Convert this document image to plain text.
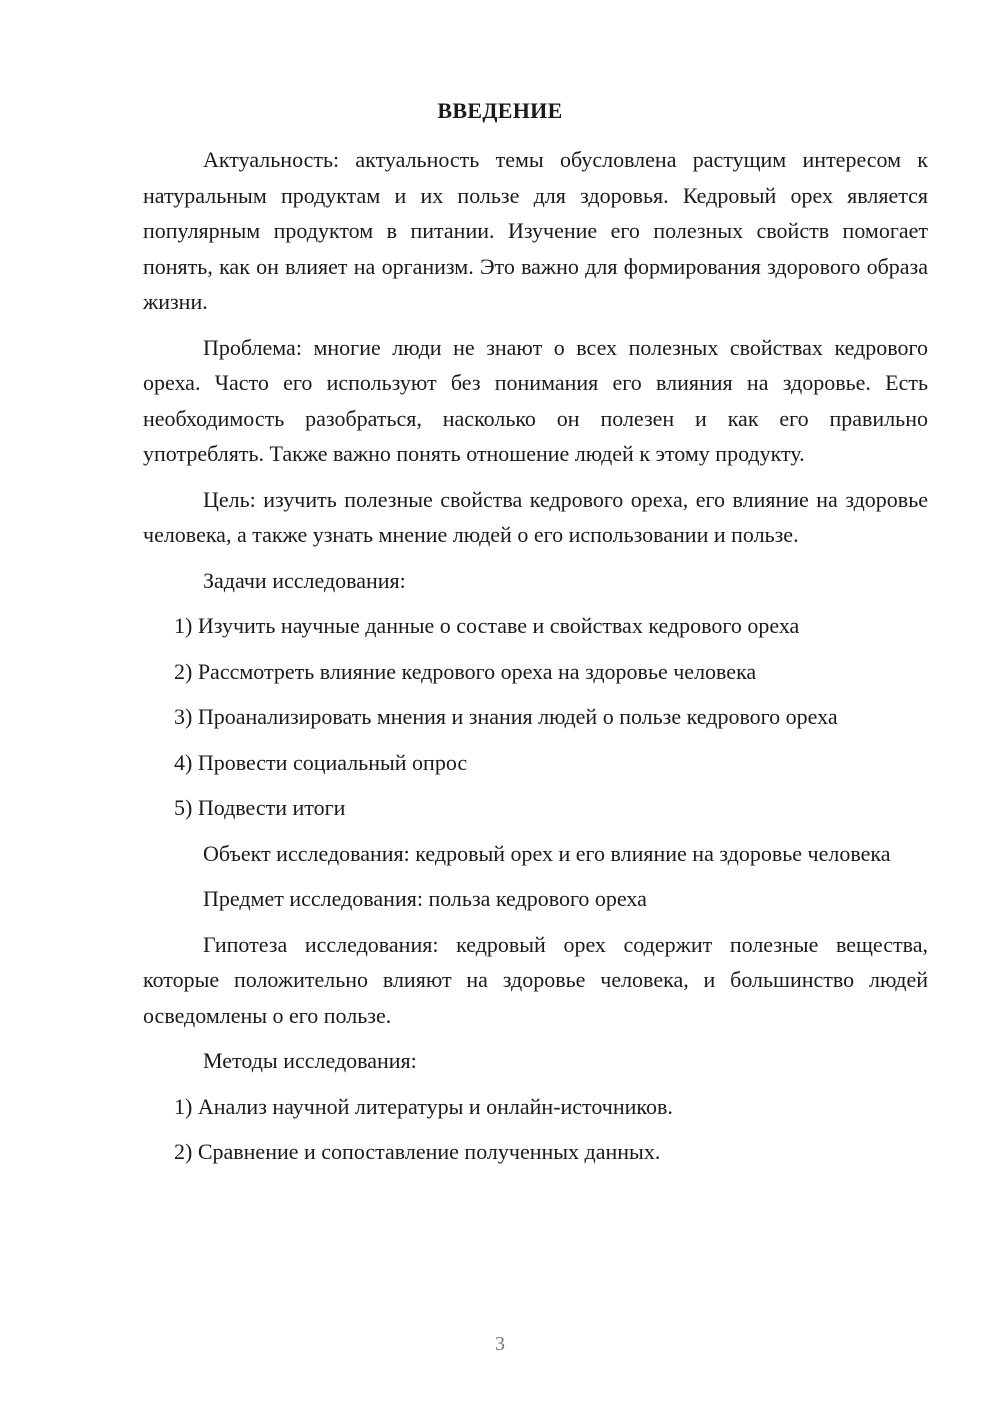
ВВЕДЕНИЕ

Актуальность: актуальность темы обусловлена растущим интересом к натуральным продуктам и их пользе для здоровья. Кедровый орех является популярным продуктом в питании. Изучение его полезных свойств помогает понять, как он влияет на организм. Это важно для формирования здорового образа жизни.

Проблема: многие люди не знают о всех полезных свойствах кедрового ореха. Часто его используют без понимания его влияния на здоровье. Есть необходимость разобраться, насколько он полезен и как его правильно употреблять. Также важно понять отношение людей к этому продукту.

Цель: изучить полезные свойства кедрового ореха, его влияние на здоровье человека, а также узнать мнение людей о его использовании и пользе.

Задачи исследования:

1) Изучить научные данные о составе и свойствах кедрового ореха

2) Рассмотреть влияние кедрового ореха на здоровье человека

3) Проанализировать мнения и знания людей о пользе кедрового ореха

4) Провести социальный опрос

5) Подвести итоги

Объект исследования: кедровый орех и его влияние на здоровье человека

Предмет исследования: польза кедрового ореха

Гипотеза исследования: кедровый орех содержит полезные вещества, которые положительно влияют на здоровье человека, и большинство людей осведомлены о его пользе.

Методы исследования:

1) Анализ научной литературы и онлайн-источников.

2) Сравнение и сопоставление полученных данных.

3
